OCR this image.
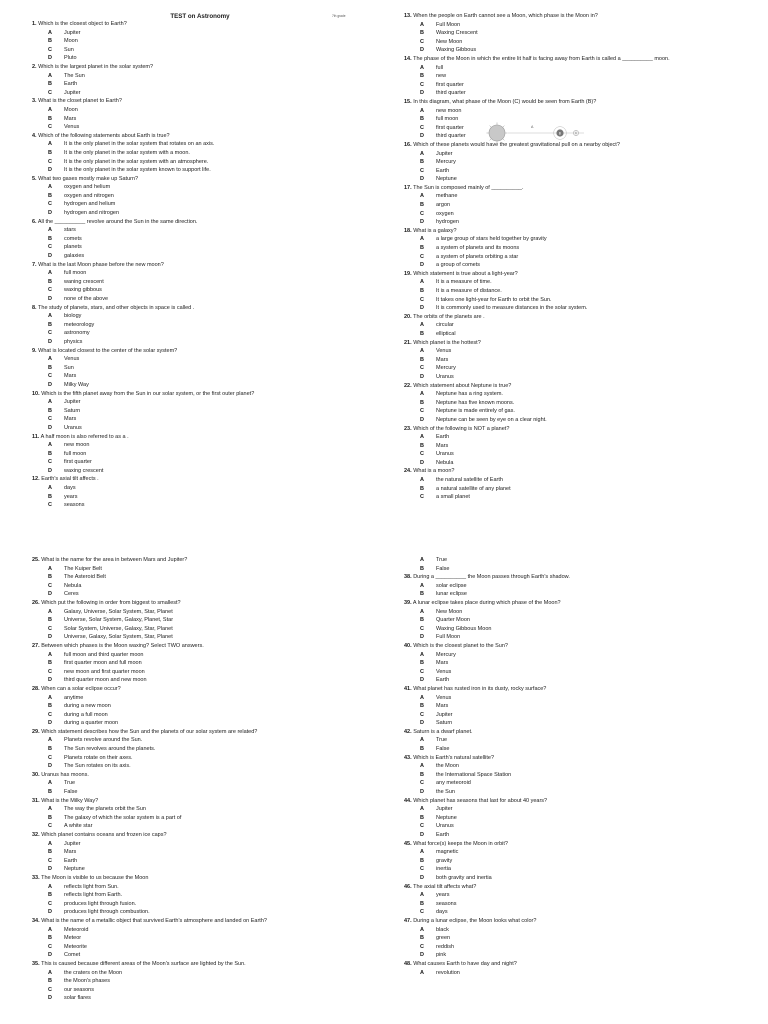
TEST on Astronomy	7th grade
1. Which is the closest object to Earth?
A	Jupiter
B	Moon
C	Sun
D	Pluto
2. Which is the largest planet in the solar system?
A	The Sun
B	Earth
C	Jupiter
3. What is the closet planet to Earth?
A	Moon
B	Mars
C	Venus
4. Which of the following statements about Earth is true?
A	It is the only planet in the solar system that rotates on an axis.
B	It is the only planet in the solar system with a moon.
C	It is the only planet in the solar system with an atmosphere.
D	It is the only planet in the solar system known to support life.
5. What two gases mostly make up Saturn?
A	oxygen and helium
B	oxygen and nitrogen
C	hydrogen and helium
D	hydrogen and nitrogen
6. All the __________ revolve around the Sun in the same direction.
A	stars
B	comets
C	planets
D	galaxies
7. What is the last Moon phase before the new moon?
A	full moon
B	waning crescent
C	waxing gibbous
D	none of the above
8. The study of planets, stars, and other objects in space is called .
A	biology
B	meteorology
C	astronomy
D	physics
9. What is located closest to the center of the solar system?
A	Venus
B	Sun
C	Mars
D	Milky Way
10. Which is the fifth planet away from the Sun in our solar system, or the first outer planet?
A	Jupiter
B	Saturn
C	Mars
D	Uranus
11. A half moon is also referred to as a .
A	new moon
B	full moon
C	first quarter
D	waxing crescent
12. Earth's axial tilt affects .
A	days
B	years
C	seasons
13. When the people on Earth cannot see a Moon, which phase is the Moon in?
A	Full Moon
B	Waxing Crescent
C	New Moon
D	Waxing Gibbous
14. The phase of the Moon in which the entire lit half is facing away from Earth is called a __________ moon.
A	full
B	new
C	first quarter
D	third quarter
15. In this diagram, what phase of the Moon (C) would be seen from Earth (B)?
A	new moon
B	full moon
C	first quarter
D	third quarter
16. Which of these planets would have the greatest gravitational pull on a nearby object?
A	Jupiter
B	Mercury
C	Earth
D	Neptune
17. The Sun is composed mainly of __________.
A	methane
B	argon
C	oxygen
D	hydrogen
18. What is a galaxy?
A	a large group of stars held together by gravity
B	a system of planets and its moons
C	a system of planets orbiting a star
D	a group of comets
19. Which statement is true about a light-year?
A	It is a measure of time.
B	It is a measure of distance.
C	It takes one light-year for Earth to orbit the Sun.
D	It is commonly used to measure distances in the solar system.
20. The orbits of the planets are .
A	circular
B	elliptical
21. Which planet is the hottest?
A	Venus
B	Mars
C	Mercury
D	Uranus
22. Which statement about Neptune is true?
A	Neptune has a ring system.
B	Neptune has five known moons.
C	Neptune is made entirely of gas.
D	Neptune can be seen by eye on a clear night.
23. Which of the following is NOT a planet?
A	Earth
B	Mars
C	Uranus
D	Nebula
24. What is a moon?
A	the natural satellite of Earth
B	a natural satellite of any planet
C	a small planet
25. What is the name for the area in between Mars and Jupiter?
A	The Kuiper Belt
B	The Asteroid Belt
C	Nebula
D	Ceres
26. Which put the following in order from biggest to smallest?
A	Galaxy, Universe, Solar System, Star, Planet
B	Universe, Solar System, Galaxy, Planet, Star
C	Solar System, Universe, Galaxy, Star, Planet
D	Universe, Galaxy, Solar System, Star, Planet
27. Between which phases is the Moon waxing? Select TWO answers.
A	full moon and third quarter moon
B	first quarter moon and full moon
C	new moon and first quarter moon
D	third quarter moon and new moon
28. When can a solar eclipse occur?
A	anytime
B	during a new moon
C	during a full moon
D	during a quarter moon
29. Which statement describes how the Sun and the planets of our solar system are related?
A	Planets revolve around the Sun.
B	The Sun revolves around the planets.
C	Planets rotate on their axes.
D	The Sun rotates on its axis.
30. Uranus has moons.
A	True
B	False
31. What is the Milky Way?
A	The way the planets orbit the Sun
B	The galaxy of which the solar system is a part of
C	A white star
32. Which planet contains oceans and frozen ice caps?
A	Jupiter
B	Mars
C	Earth
D	Neptune
33. The Moon is visible to us because the Moon
A	reflects light from Sun.
B	reflects light from Earth.
C	produces light through fusion.
D	produces light through combustion.
34. What is the name of a metallic object that survived Earth's atmosphere and landed on Earth?
A	Meteoroid
B	Meteor
C	Meteorite
D	Comet
35. This is caused because different areas of the Moon's surface are lighted by the Sun.
A	the craters on the Moon
B	the Moon's phases
C	our seasons
D	solar flares
A	True
B	False
38. During a __________ the Moon passes through Earth's shadow.
A	solar eclipse
B	lunar eclipse
39. A lunar eclipse takes place during which phase of the Moon?
A	New Moon
B	Quarter Moon
C	Waxing Gibbous Moon
D	Full Moon
40. Which is the closest planet to the Sun?
A	Mercury
B	Mars
C	Venus
D	Earth
41. What planet has rusted iron in its dusty, rocky surface?
A	Venus
B	Mars
C	Jupiter
D	Saturn
42. Saturn is a dwarf planet.
A	True
B	False
43. Which is Earth's natural satellite?
A	the Moon
B	the International Space Station
C	any meteoroid
D	the Sun
44. Which planet has seasons that last for about 40 years?
A	Jupiter
B	Neptune
C	Uranus
D	Earth
45. What force(s) keeps the Moon in orbit?
A	magnetic
B	gravity
C	inertia
D	both gravity and inertia
46. The axial tilt affects what?
A	years
B	seasons
C	days
47. During a lunar eclipse, the Moon looks what color?
A	black
B	green
C	reddish
D	pink
48. What causes Earth to have day and night?
A	revolution
A
B	C
